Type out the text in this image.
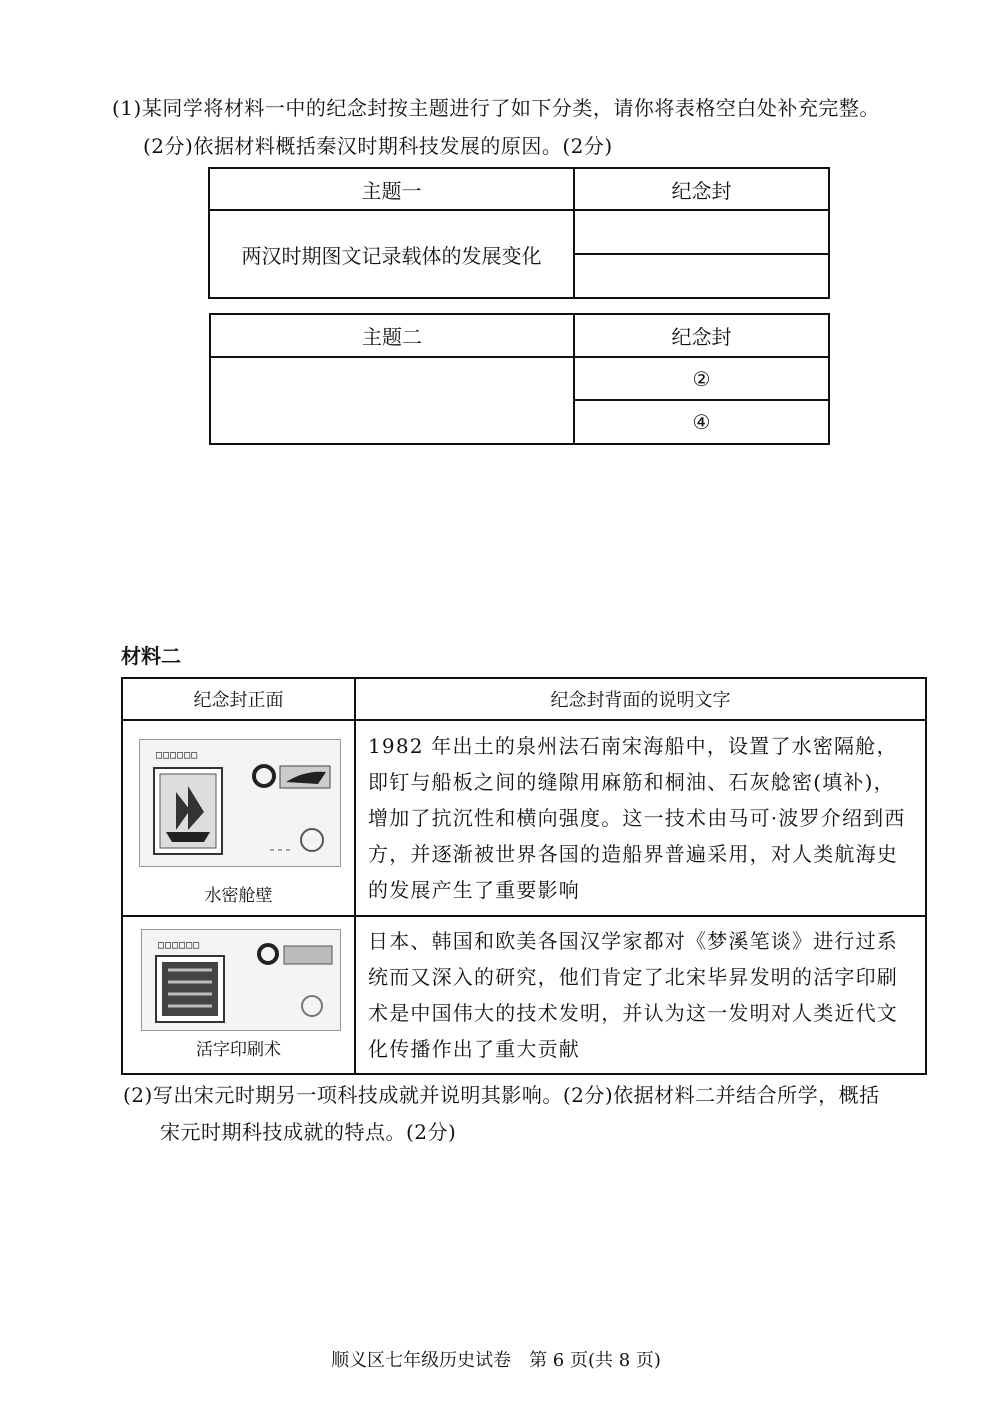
(1)某同学将材料一中的纪念封按主题进行了如下分类，请你将表格空白处补充完整。
(2分)依据材料概括秦汉时期科技发展的原因。(2分)
主题一	纪念封
两汉时期图文记录载体的发展变化	

主题二	纪念封
	②
	④
材料二
纪念封正面	纪念封背面的说明文字

□□□□□□
水密舱壁	1982 年出土的泉州法石南宋海船中，设置了水密隔舱，即钉与船板之间的缝隙用麻筋和桐油、石灰艌密(填补)，增加了抗沉性和横向强度。这一技术由马可·波罗介绍到西方，并逐渐被世界各国的造船界普遍采用，对人类航海史的发展产生了重要影响

□□□□□□
活字印刷术	日本、韩国和欧美各国汉学家都对《梦溪笔谈》进行过系统而又深入的研究，他们肯定了北宋毕昇发明的活字印刷术是中国伟大的技术发明，并认为这一发明对人类近代文化传播作出了重大贡献
(2)写出宋元时期另一项科技成就并说明其影响。(2分)依据材料二并结合所学，概括
宋元时期科技成就的特点。(2分)
顺义区七年级历史试卷　第 6 页(共 8 页)
